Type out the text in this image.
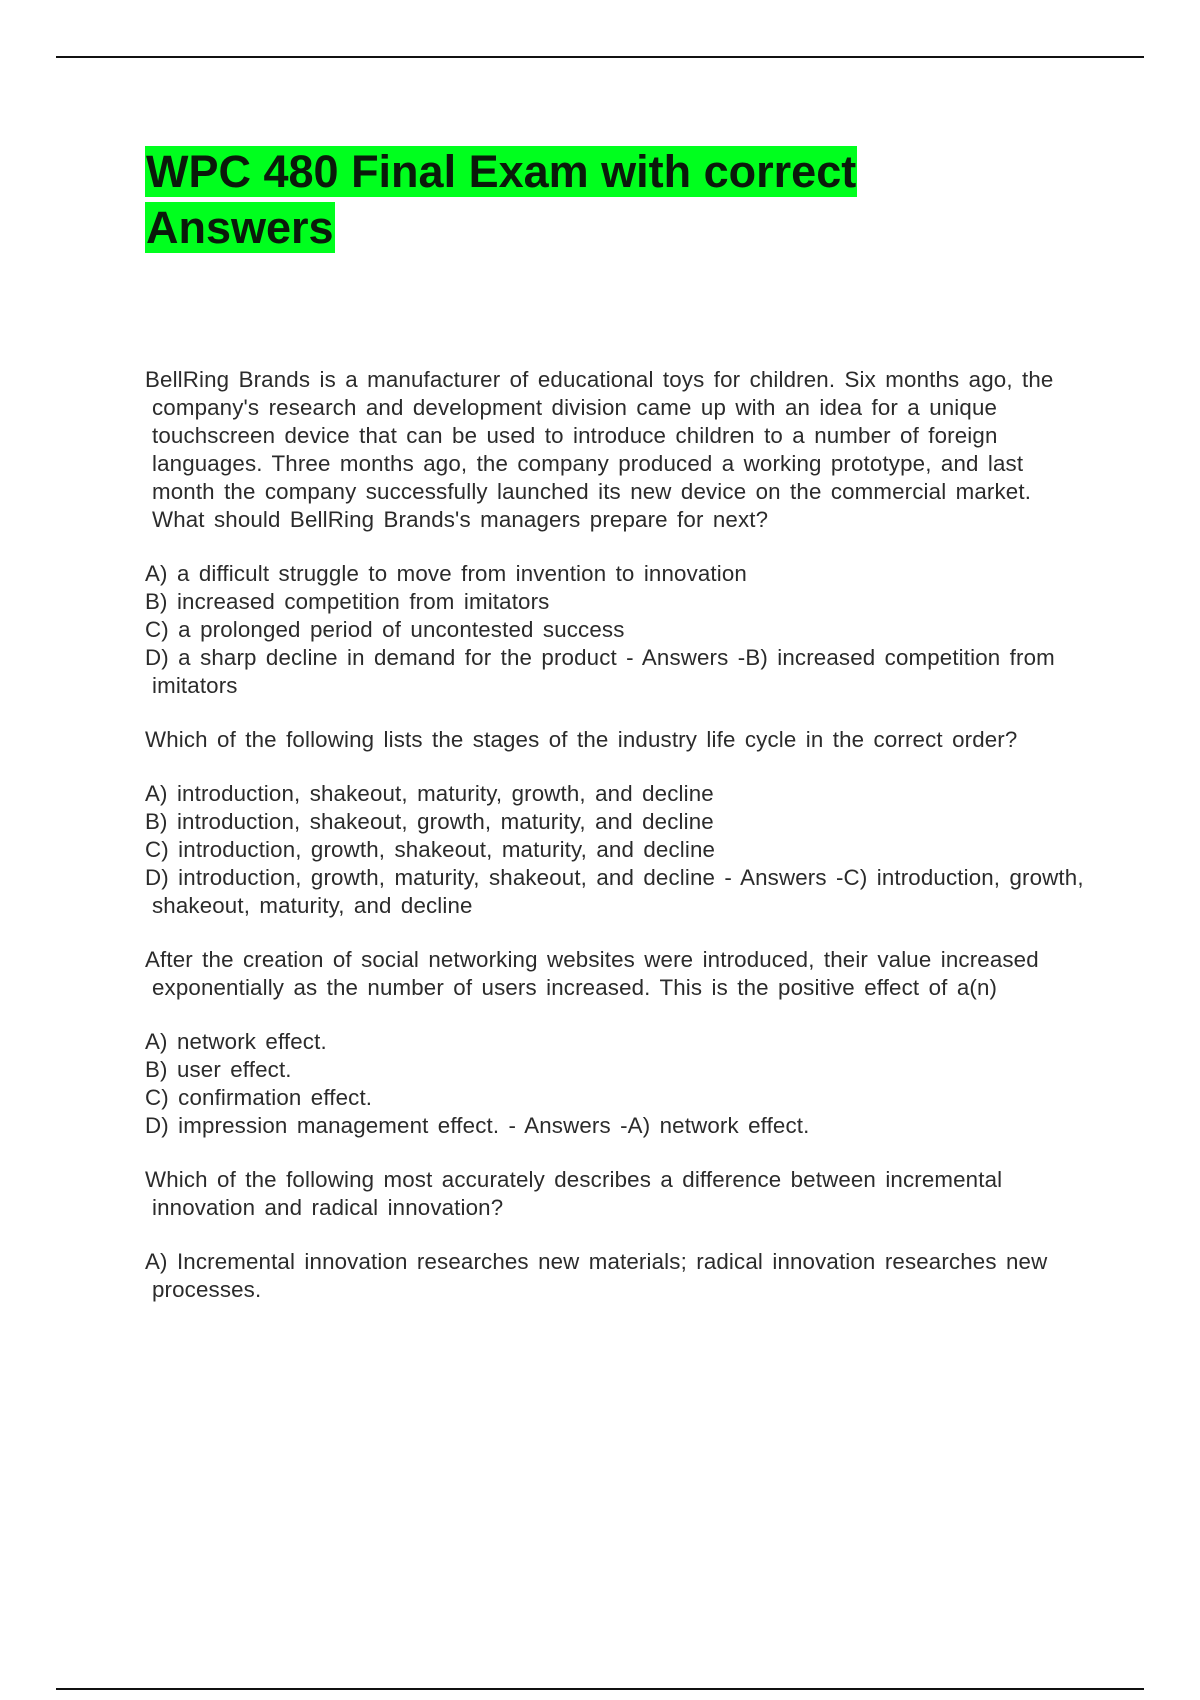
WPC 480 Final Exam with correct Answers

BellRing Brands is a manufacturer of educational toys for children. Six months ago, the company's research and development division came up with an idea for a unique touchscreen device that can be used to introduce children to a number of foreign languages. Three months ago, the company produced a working prototype, and last month the company successfully launched its new device on the commercial market. What should BellRing Brands's managers prepare for next?

A) a difficult struggle to move from invention to innovation
B) increased competition from imitators
C) a prolonged period of uncontested success
D) a sharp decline in demand for the product - Answers -B) increased competition from imitators

Which of the following lists the stages of the industry life cycle in the correct order?

A) introduction, shakeout, maturity, growth, and decline
B) introduction, shakeout, growth, maturity, and decline
C) introduction, growth, shakeout, maturity, and decline
D) introduction, growth, maturity, shakeout, and decline - Answers -C) introduction, growth, shakeout, maturity, and decline

After the creation of social networking websites were introduced, their value increased exponentially as the number of users increased. This is the positive effect of a(n)

A) network effect.
B) user effect.
C) confirmation effect.
D) impression management effect. - Answers -A) network effect.

Which of the following most accurately describes a difference between incremental innovation and radical innovation?

A) Incremental innovation researches new materials; radical innovation researches new processes.
